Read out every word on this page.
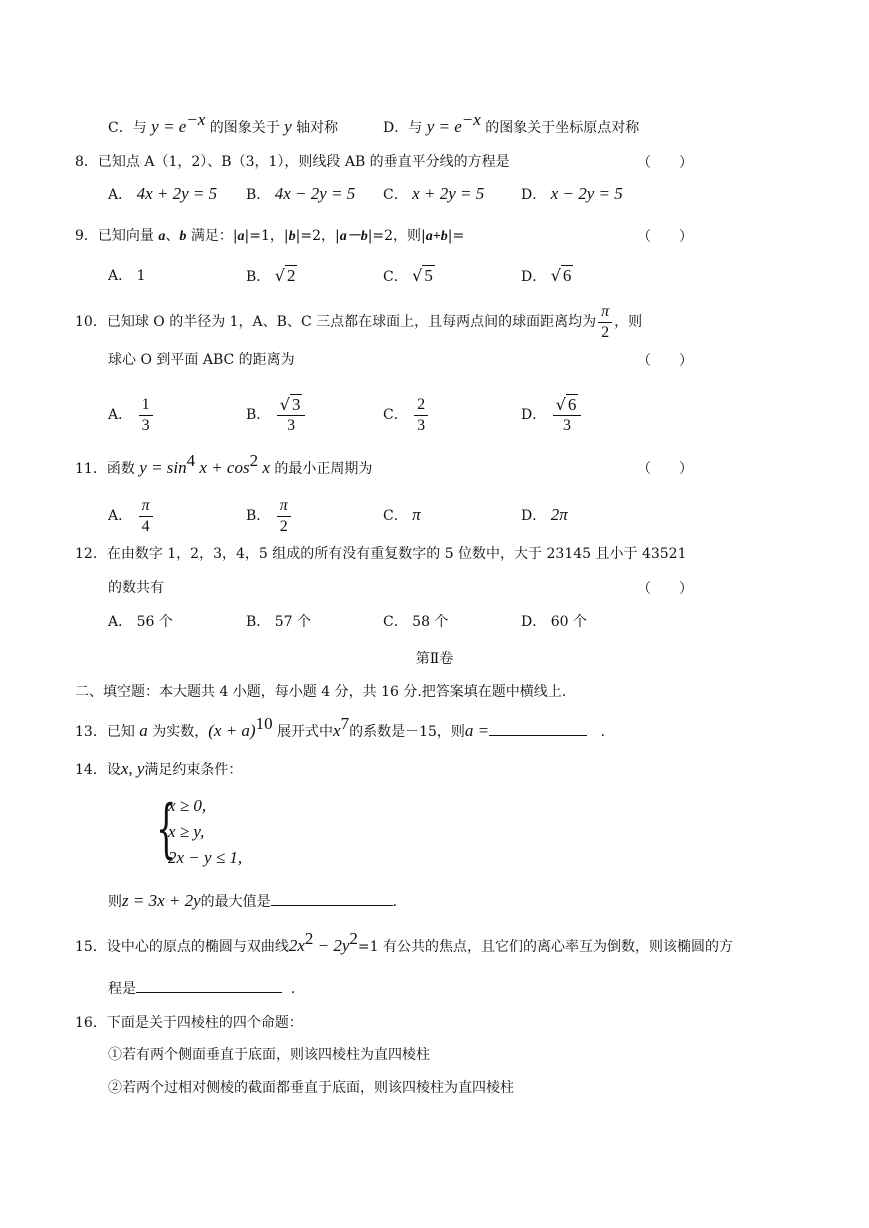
C．与 $y = e^{-x}$ 的图象关于 y 轴对称	D．与 $y = e^{-x}$ 的图象关于坐标原点对称
8．已知点 A（1，2）、B（3，1），则线段 AB 的垂直平分线的方程是	（　　）
A． 4x + 2y = 5 B． 4x − 2y = 5 C． x + 2y = 5	D． x − 2y = 5
9．已知向量 a、b 满足：|a|=1，|b|=2，|a－b|=2，则|a+b|=	（　　）
A． 1	B． √ 2	C． √ 5	D． √ 6
10．已知球 O 的半径为 1，A、B、C 三点都在球面上，且每两点间的球面距离均为 $\frac{\pi}{2}$ ，则
球心 O 到平面 ABC 的距离为	（　　）
A． $\frac{1}{3}$	B． $\frac{√ 3}{3}$	C． $\frac{2}{3}$	D． $\frac{√ 6}{3}$
11．函数 $y = \sin^4 x + \cos^2 x$ 的最小正周期为	（　　）
A． $\frac{\pi}{4}$	B． $\frac{\pi}{2}$	C． π	D． 2π
12．在由数字 1，2，3，4，5 组成的所有没有重复数字的 5 位数中，大于 23145 且小于 43521
的数共有	（　　）
A． 56 个	B． 57 个	C． 58 个	D． 60 个
第Ⅱ卷
二、填空题：本大题共 4 小题，每小题 4 分，共 16 分.把答案填在题中横线上.
13．已知 a 为实数，$(x + a)^{10}$ 展开式中$x^7$的系数是－15，则a =	.
14．设x, y满足约束条件：
{
x ≥ 0,
x ≥ y,
2x − y ≤ 1,
则z = 3x + 2y的最大值是	.
15．设中心的原点的椭圆与双曲线$2x^2 - 2y^2=1$ 有公共的焦点，且它们的离心率互为倒数，则该椭圆的方
程是	.
16．下面是关于四棱柱的四个命题：
①若有两个侧面垂直于底面，则该四棱柱为直四棱柱
②若两个过相对侧棱的截面都垂直于底面，则该四棱柱为直四棱柱
